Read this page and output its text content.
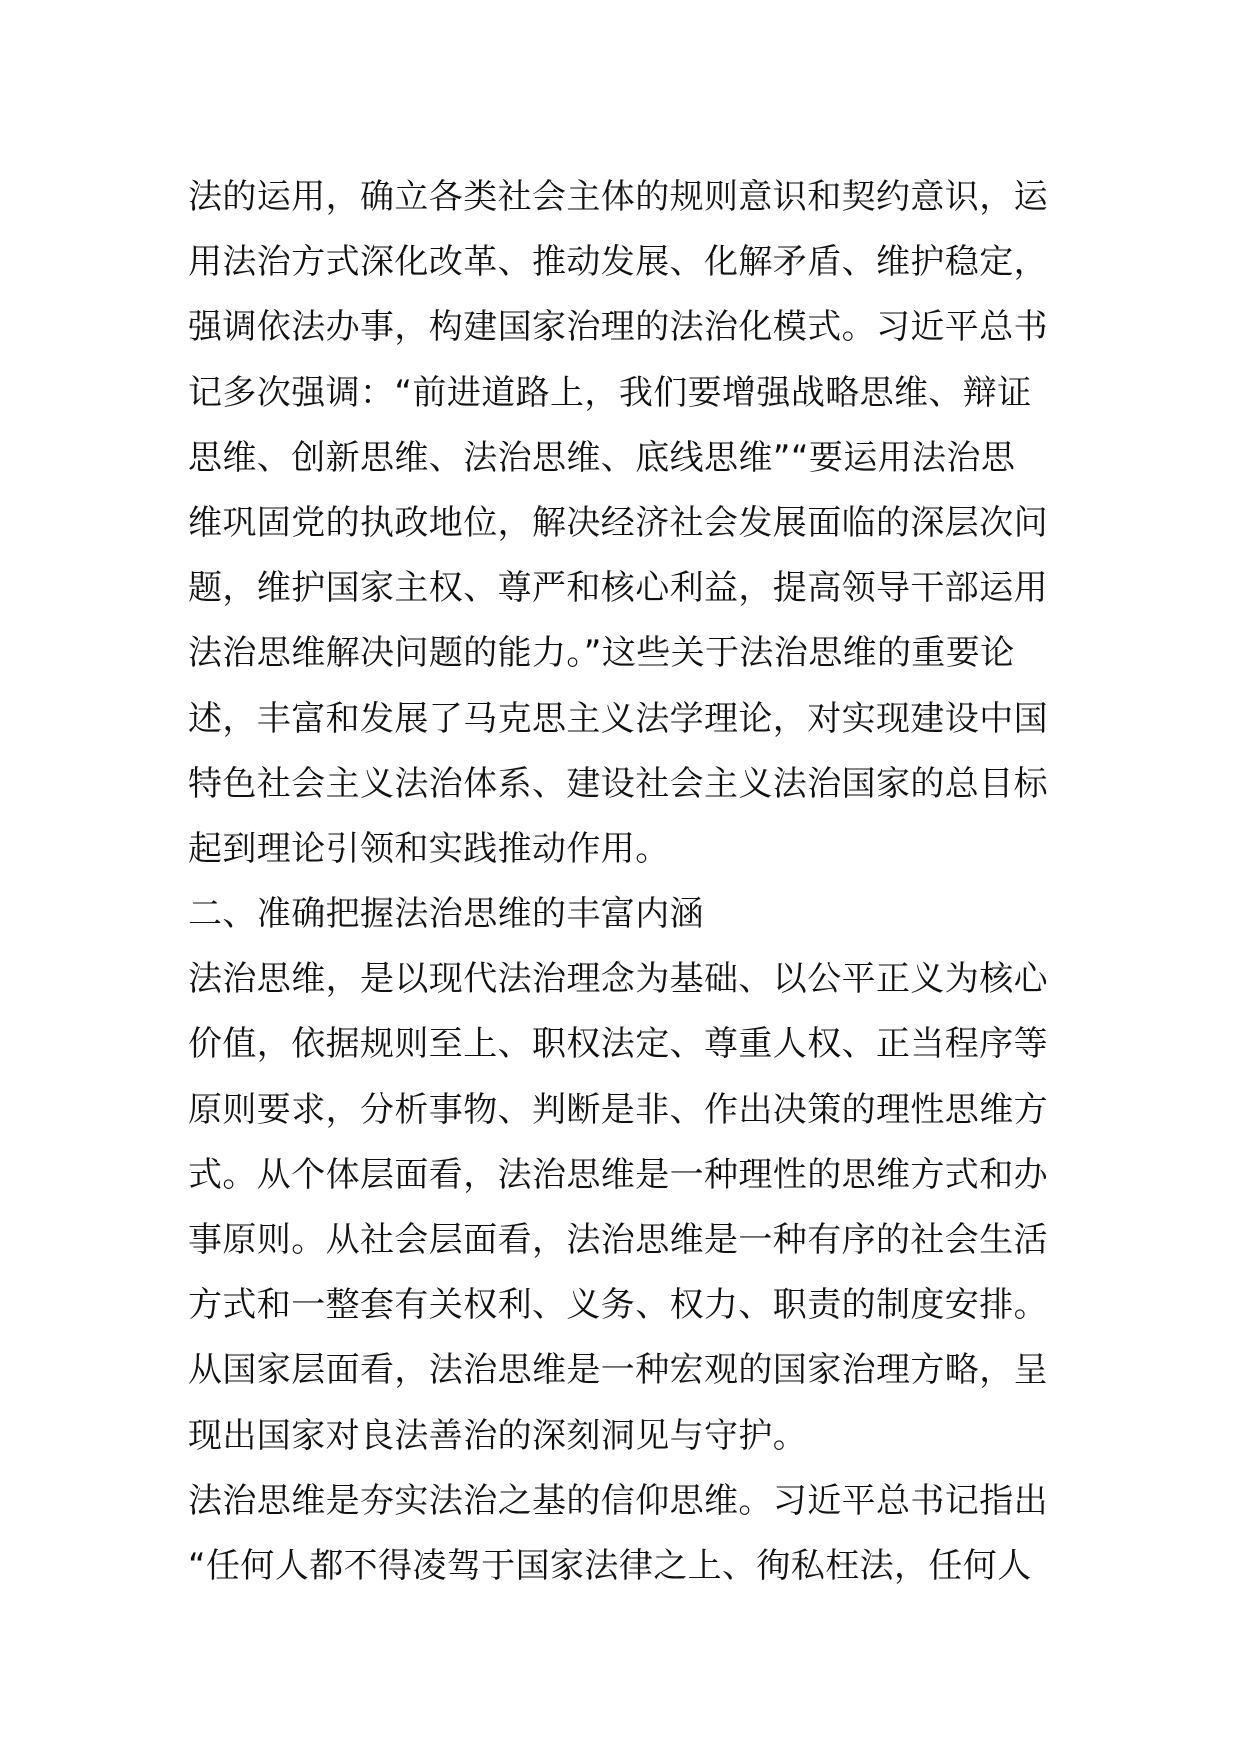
法的运用，确立各类社会主体的规则意识和契约意识，运
用法治方式深化改革、推动发展、化解矛盾、维护稳定，
强调依法办事，构建国家治理的法治化模式。习近平总书
记多次强调：“前进道路上，我们要增强战略思维、辩证
思维、创新思维、法治思维、底线思维”“要运用法治思
维巩固党的执政地位，解决经济社会发展面临的深层次问
题，维护国家主权、尊严和核心利益，提高领导干部运用
法治思维解决问题的能力。”这些关于法治思维的重要论
述，丰富和发展了马克思主义法学理论，对实现建设中国
特色社会主义法治体系、建设社会主义法治国家的总目标
起到理论引领和实践推动作用。
二、准确把握法治思维的丰富内涵
法治思维，是以现代法治理念为基础、以公平正义为核心
价值，依据规则至上、职权法定、尊重人权、正当程序等
原则要求，分析事物、判断是非、作出决策的理性思维方
式。从个体层面看，法治思维是一种理性的思维方式和办
事原则。从社会层面看，法治思维是一种有序的社会生活
方式和一整套有关权利、义务、权力、职责的制度安排。
从国家层面看，法治思维是一种宏观的国家治理方略，呈
现出国家对良法善治的深刻洞见与守护。
法治思维是夯实法治之基的信仰思维。习近平总书记指出
“任何人都不得凌驾于国家法律之上、徇私枉法，任何人
